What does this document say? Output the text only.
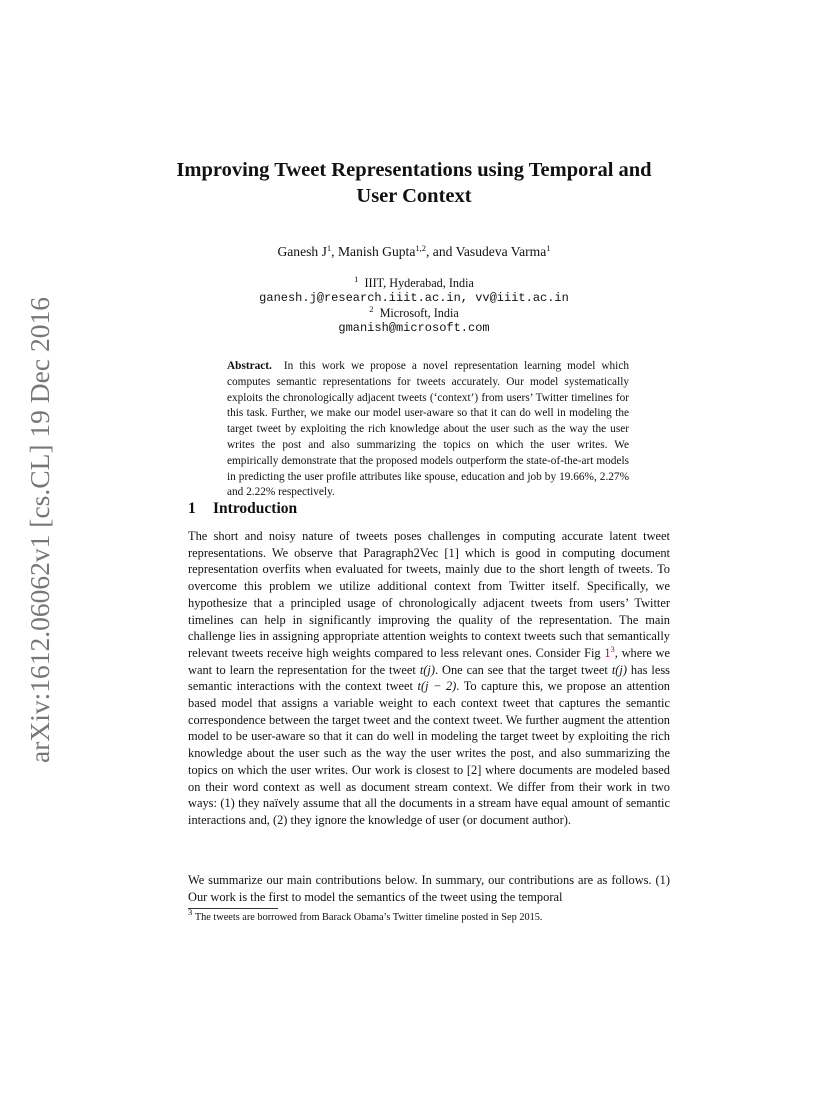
arXiv:1612.06062v1 [cs.CL] 19 Dec 2016
Improving Tweet Representations using Temporal and
User Context
Ganesh $J^1$, Manish Gupta$^{1,2}$, and Vasudeva Varma$^1$
$^1$ IIIT, Hyderabad, India
ganesh.j@research.iiit.ac.in, vv@iiit.ac.in
$^2$ Microsoft, India
gmanish@microsoft.com
Abstract. In this work we propose a novel representation learning model which computes semantic representations for tweets accurately. Our model systematically exploits the chronologically adjacent tweets (‘context’) from users’ Twitter timelines for this task. Further, we make our model user-aware so that it can do well in modeling the target tweet by exploiting the rich knowledge about the user such as the way the user writes the post and also summarizing the topics on which the user writes. We empirically demonstrate that the proposed models outperform the state-of-the-art models in predicting the user profile attributes like spouse, education and job by 19.66%, 2.27% and 2.22% respectively.
1 Introduction
The short and noisy nature of tweets poses challenges in computing accurate latent tweet representations. We observe that Paragraph2Vec [1] which is good in computing document representation overfits when evaluated for tweets, mainly due to the short length of tweets. To overcome this problem we utilize additional context from Twitter itself. Specifically, we hypothesize that a principled usage of chronologically adjacent tweets from users’ Twitter timelines can help in significantly improving the quality of the representation. The main challenge lies in assigning appropriate attention weights to context tweets such that semantically relevant tweets receive high weights compared to less relevant ones. Consider Fig 1$^3$, where we want to learn the representation for the tweet t(j). One can see that the target tweet t(j) has less semantic interactions with the context tweet t(j − 2). To capture this, we propose an attention based model that assigns a variable weight to each context tweet that captures the semantic correspondence between the target tweet and the context tweet. We further augment the attention model to be user-aware so that it can do well in modeling the target tweet by exploiting the rich knowledge about the user such as the way the user writes the post, and also summarizing the topics on which the user writes. Our work is closest to [2] where documents are modeled based on their word context as well as document stream context. We differ from their work in two ways: (1) they naïvely assume that all the documents in a stream have equal amount of semantic interactions and, (2) they ignore the knowledge of user (or document author).
We summarize our main contributions below. In summary, our contributions are as follows. (1) Our work is the first to model the semantics of the tweet using the temporal
$^3$ The tweets are borrowed from Barack Obama’s Twitter timeline posted in Sep 2015.
